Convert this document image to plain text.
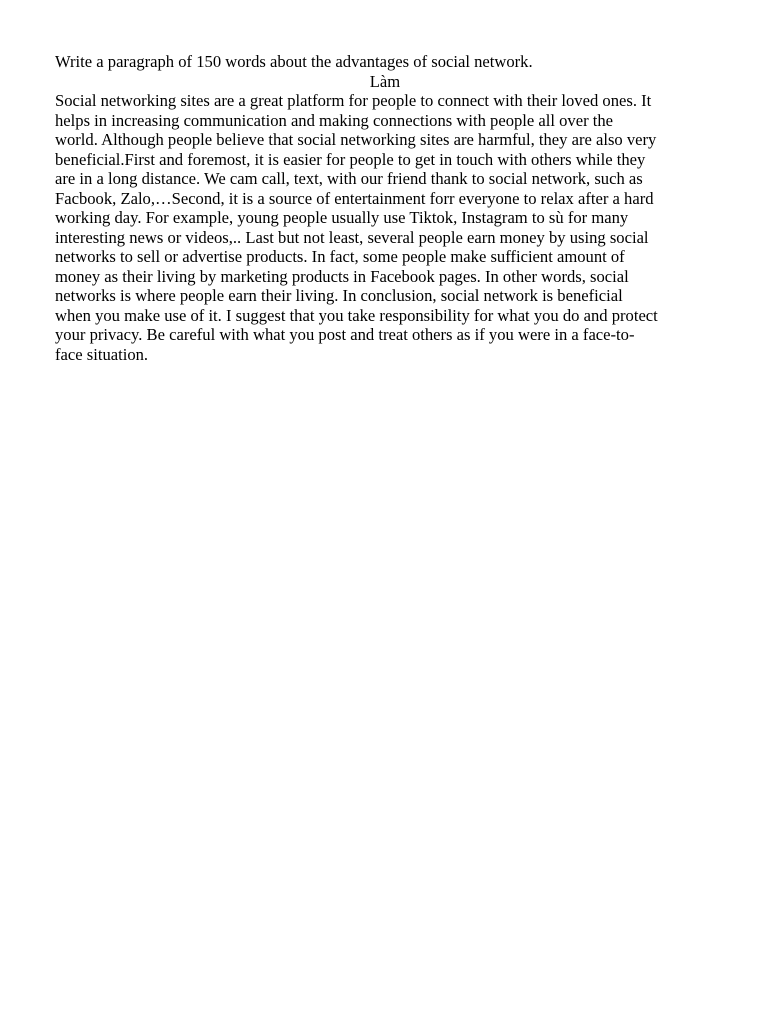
Write a paragraph of 150 words about the advantages of social network.

Làm

Social networking sites are a great platform for people to connect with their loved ones. It
helps in increasing communication and making connections with people all over the
world. Although people believe that social networking sites are harmful, they are also very
beneficial.First and foremost, it is easier for people to get in touch with others while they
are in a long distance. We cam call, text, with our friend thank to social network, such as
Facbook, Zalo,…Second, it is a source of entertainment forr everyone to relax after a hard
working day. For example, young people usually use Tiktok, Instagram to sù for many
interesting news or videos,.. Last but not least, several people earn money by using social
networks to sell or advertise products. In fact, some people make sufficient amount of
money as their living by marketing products in Facebook pages. In other words, social
networks is where people earn their living. In conclusion, social network is beneficial
when you make use of it. I suggest that you take responsibility for what you do and protect
your privacy. Be careful with what you post and treat others as if you were in a face-to-
face situation.
